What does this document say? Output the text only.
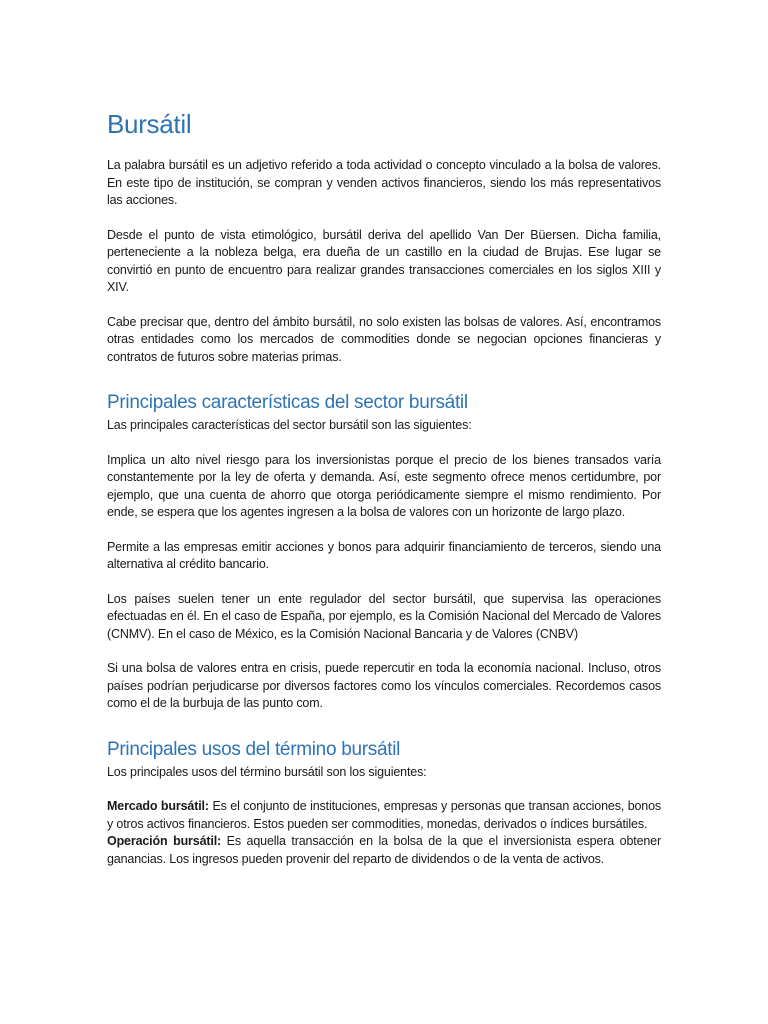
Bursátil

La palabra bursátil es un adjetivo referido a toda actividad o concepto vinculado a la bolsa de valores. En este tipo de institución, se compran y venden activos financieros, siendo los más representativos las acciones.

Desde el punto de vista etimológico, bursátil deriva del apellido Van Der Büersen. Dicha familia, perteneciente a la nobleza belga, era dueña de un castillo en la ciudad de Brujas. Ese lugar se convirtió en punto de encuentro para realizar grandes transacciones comerciales en los siglos XIII y XIV.

Cabe precisar que, dentro del ámbito bursátil, no solo existen las bolsas de valores. Así, encontramos otras entidades como los mercados de commodities donde se negocian opciones financieras y contratos de futuros sobre materias primas.

Principales características del sector bursátil

Las principales características del sector bursátil son las siguientes:

Implica un alto nivel riesgo para los inversionistas porque el precio de los bienes transados varía constantemente por la ley de oferta y demanda. Así, este segmento ofrece menos certidumbre, por ejemplo, que una cuenta de ahorro que otorga periódicamente siempre el mismo rendimiento. Por ende, se espera que los agentes ingresen a la bolsa de valores con un horizonte de largo plazo.

Permite a las empresas emitir acciones y bonos para adquirir financiamiento de terceros, siendo una alternativa al crédito bancario.

Los países suelen tener un ente regulador del sector bursátil, que supervisa las operaciones efectuadas en él. En el caso de España, por ejemplo, es la Comisión Nacional del Mercado de Valores (CNMV). En el caso de México, es la Comisión Nacional Bancaria y de Valores (CNBV)

Si una bolsa de valores entra en crisis, puede repercutir en toda la economía nacional. Incluso, otros países podrían perjudicarse por diversos factores como los vínculos comerciales. Recordemos casos como el de la burbuja de las punto com.

Principales usos del término bursátil

Los principales usos del término bursátil son los siguientes:

Mercado bursátil: Es el conjunto de instituciones, empresas y personas que transan acciones, bonos y otros activos financieros. Estos pueden ser commodities, monedas, derivados o índices bursátiles.

Operación bursátil: Es aquella transacción en la bolsa de la que el inversionista espera obtener ganancias. Los ingresos pueden provenir del reparto de dividendos o de la venta de activos.
